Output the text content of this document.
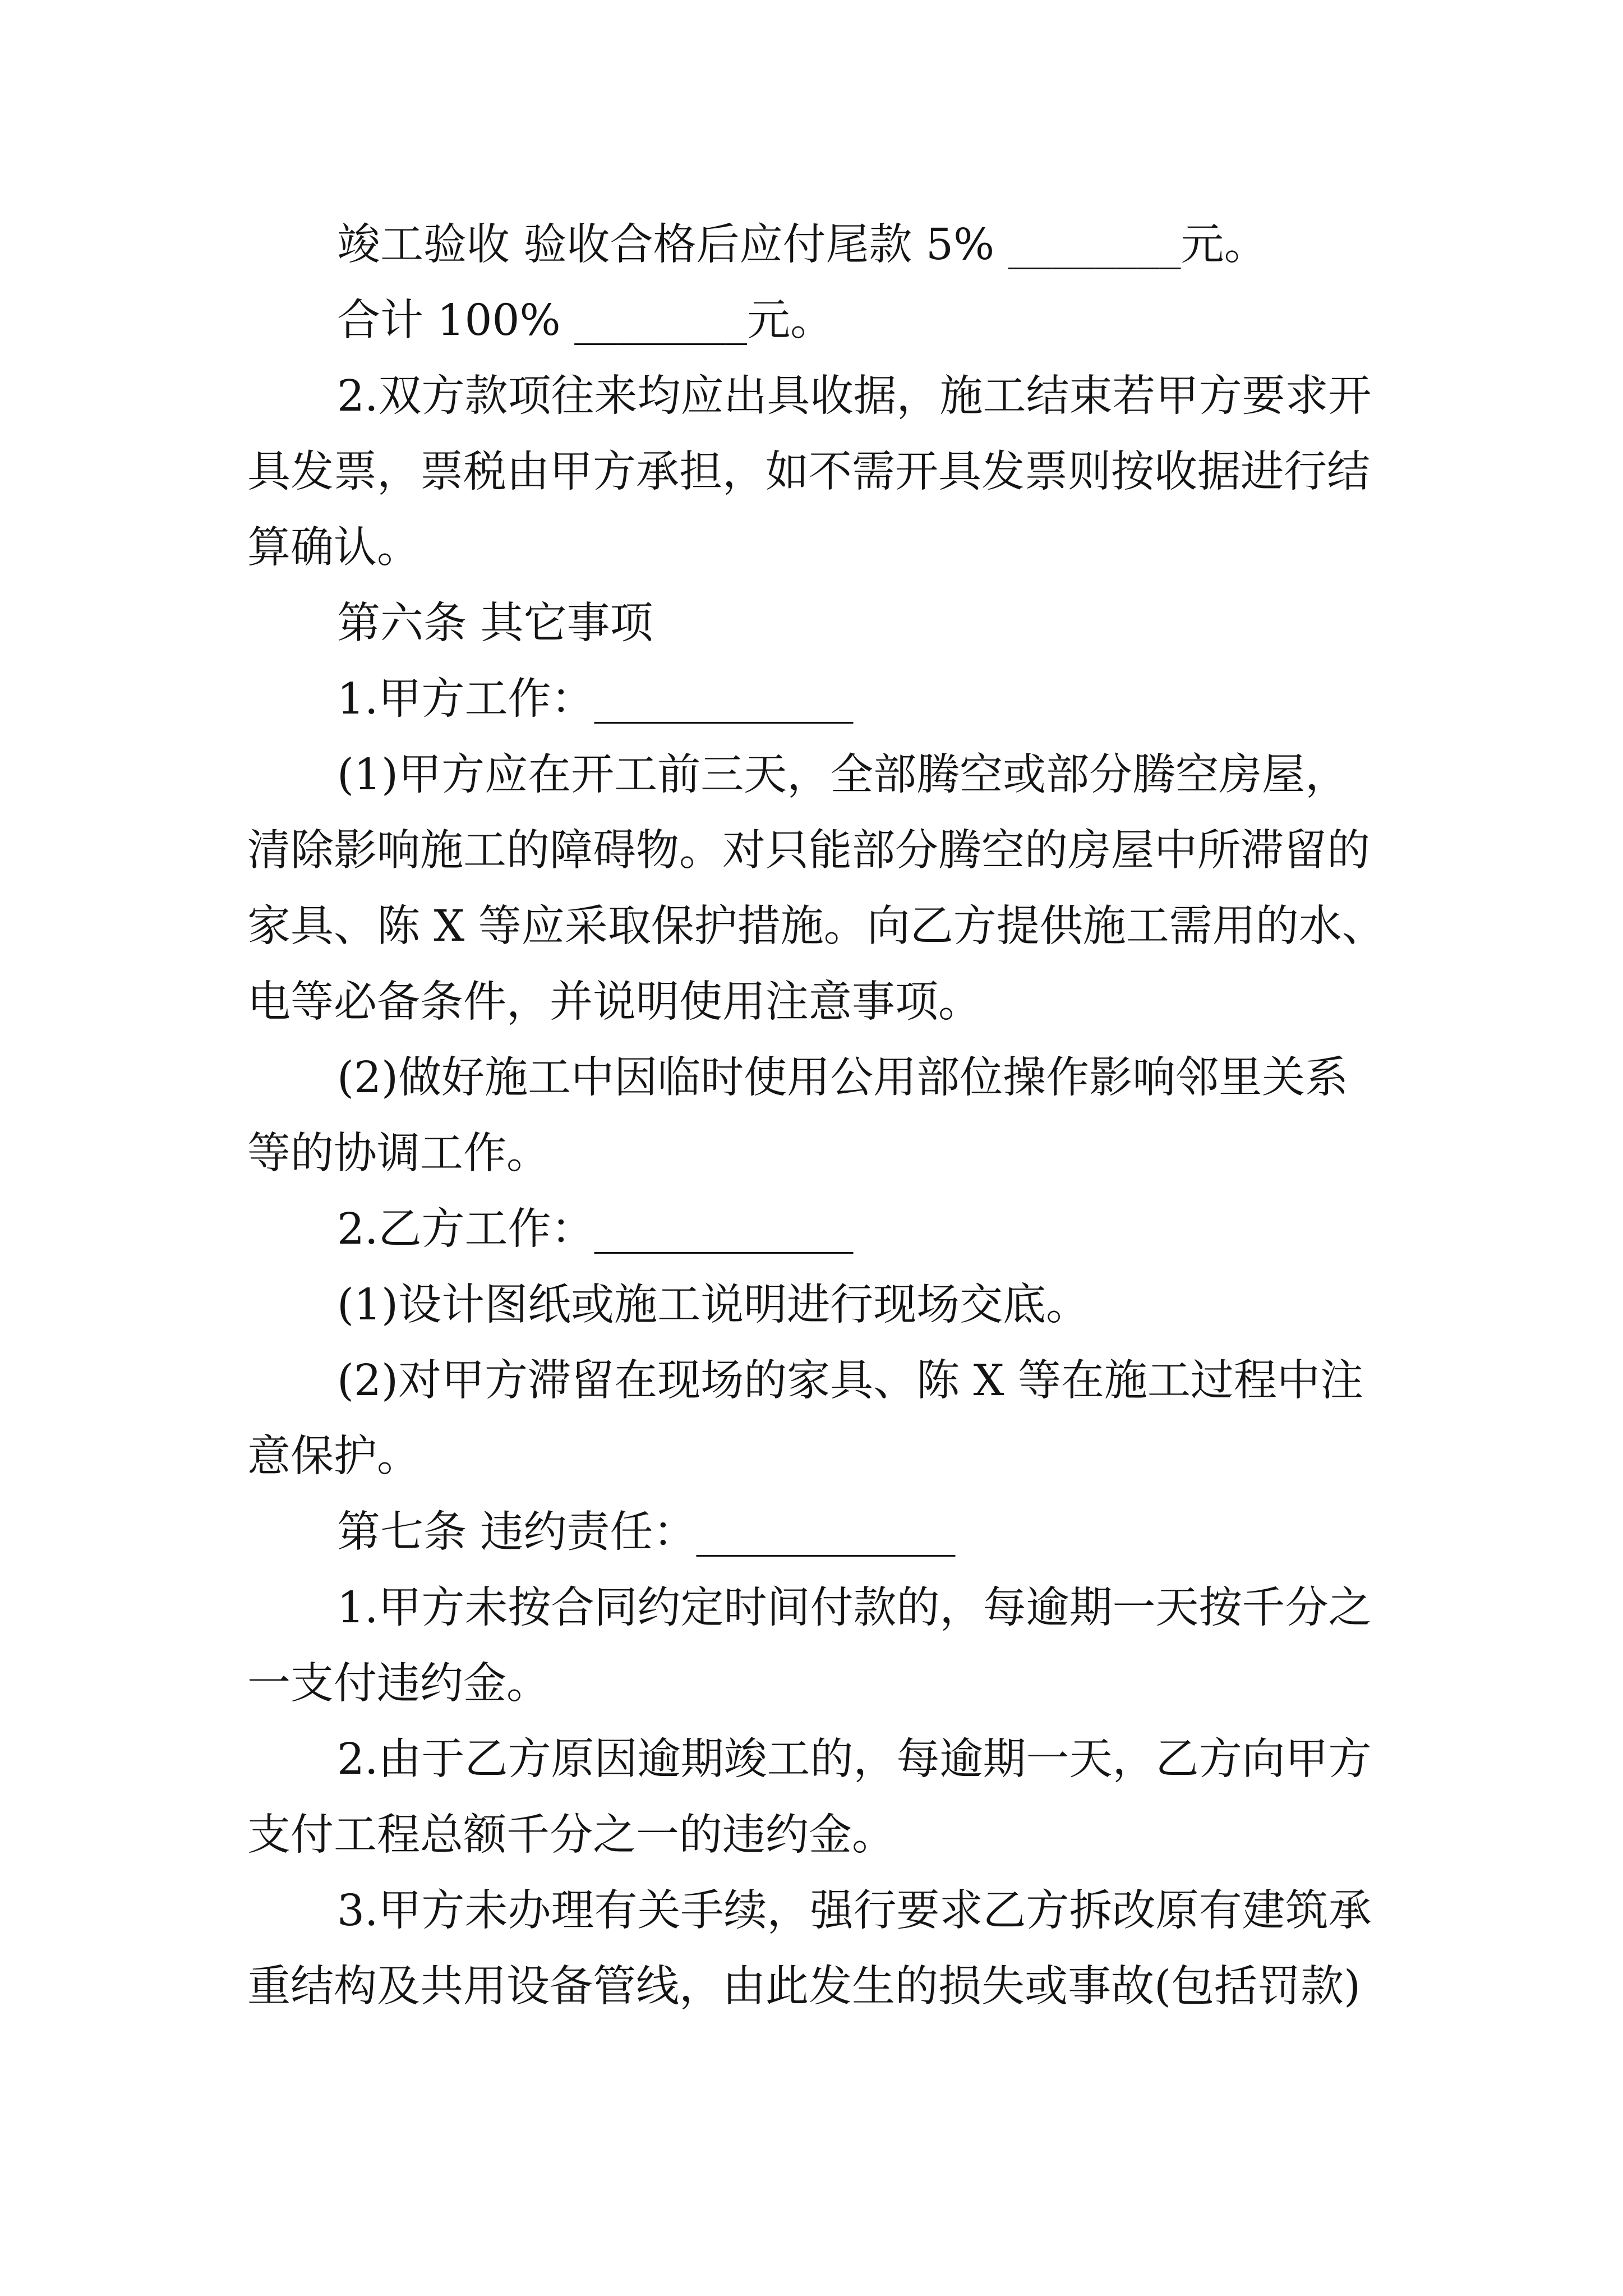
竣工验收 验收合格后应付尾款 5% ________元。
合计 100% ________元。
2.双方款项往来均应出具收据，施工结束若甲方要求开
具发票，票税由甲方承担，如不需开具发票则按收据进行结
算确认。
第六条 其它事项
1.甲方工作：____________
(1)甲方应在开工前三天，全部腾空或部分腾空房屋，
清除影响施工的障碍物。对只能部分腾空的房屋中所滞留的
家具、陈 X 等应采取保护措施。向乙方提供施工需用的水、
电等必备条件，并说明使用注意事项。
(2)做好施工中因临时使用公用部位操作影响邻里关系
等的协调工作。
2.乙方工作：____________
(1)设计图纸或施工说明进行现场交底。
(2)对甲方滞留在现场的家具、陈 X 等在施工过程中注
意保护。
第七条 违约责任：____________
1.甲方未按合同约定时间付款的，每逾期一天按千分之
一支付违约金。
2.由于乙方原因逾期竣工的，每逾期一天，乙方向甲方
支付工程总额千分之一的违约金。
3.甲方未办理有关手续，强行要求乙方拆改原有建筑承
重结构及共用设备管线，由此发生的损失或事故(包括罚款)
